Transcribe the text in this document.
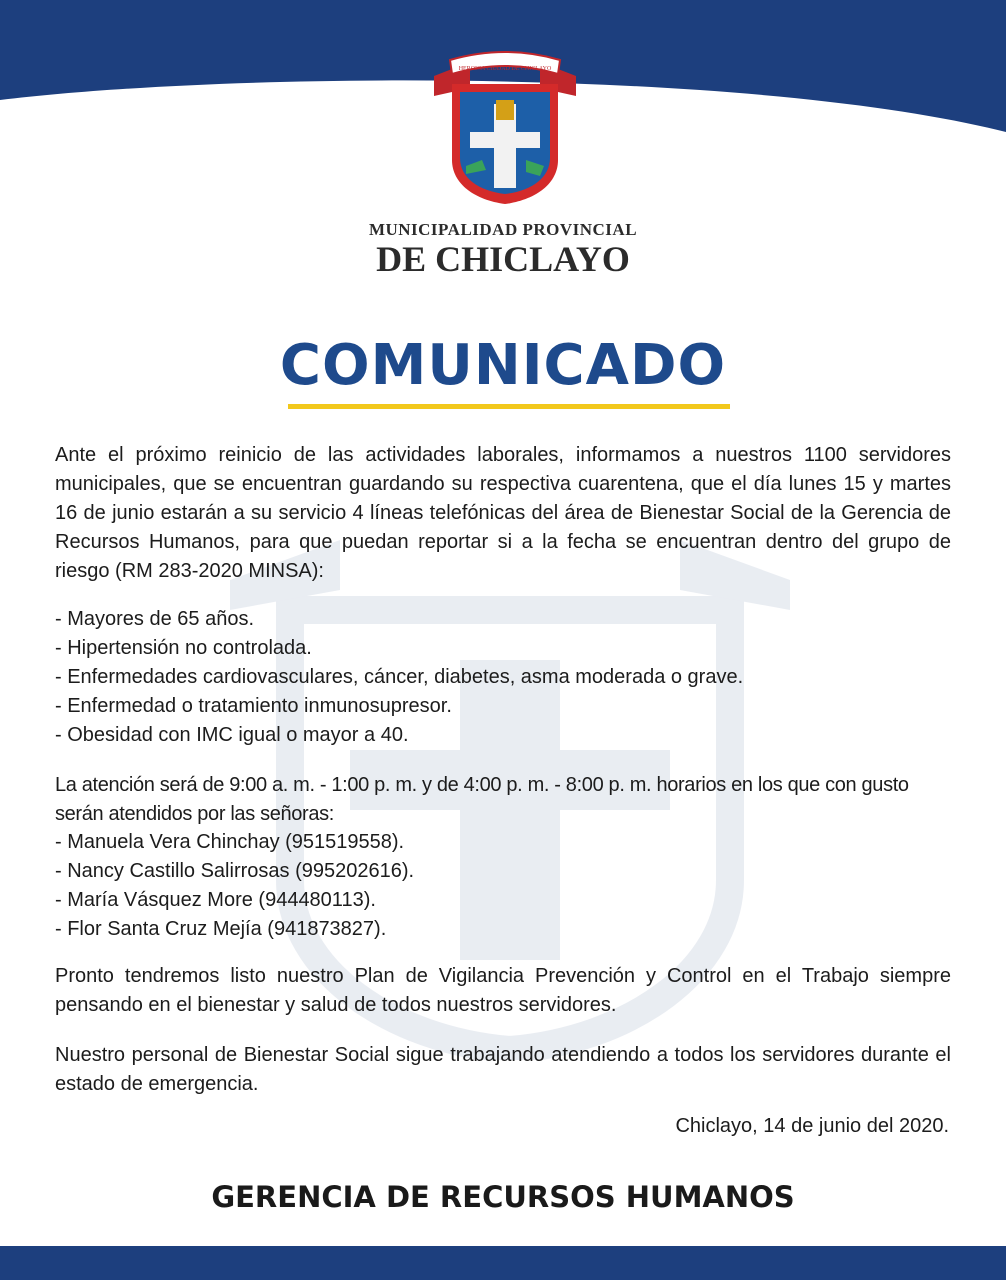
HEROICA CIUDAD DE CHICLAYO
MUNICIPALIDAD PROVINCIAL
DE CHICLAYO
COMUNICADO
Ante el próximo reinicio de las actividades laborales, informamos a nuestros 1100 servidores municipales, que se encuentran guardando su respectiva cuarentena, que el día lunes 15 y martes 16 de junio estarán a su servicio 4 líneas telefónicas del área de Bienestar Social de la Gerencia de Recursos Humanos, para que puedan reportar si a la fecha se encuentran dentro del grupo de riesgo (RM 283-2020 MINSA):
- Mayores de 65 años.
- Hipertensión no controlada.
- Enfermedades cardiovasculares, cáncer, diabetes, asma moderada o grave.
- Enfermedad o tratamiento inmunosupresor.
- Obesidad con IMC igual o mayor a 40.
La atención será de 9:00 a. m. - 1:00 p. m. y de 4:00 p. m. - 8:00 p. m. horarios en los que con gusto serán atendidos por las señoras:
- Manuela Vera Chinchay (951519558).
- Nancy Castillo Salirrosas (995202616).
- María Vásquez More (944480113).
- Flor Santa Cruz Mejía (941873827).
Pronto tendremos listo nuestro Plan de Vigilancia Prevención y Control en el Trabajo siempre pensando en el bienestar y salud de todos nuestros servidores.
Nuestro personal de Bienestar Social sigue trabajando atendiendo a todos los servidores durante el estado de emergencia.
Chiclayo, 14 de junio del 2020.
GERENCIA DE RECURSOS HUMANOS
